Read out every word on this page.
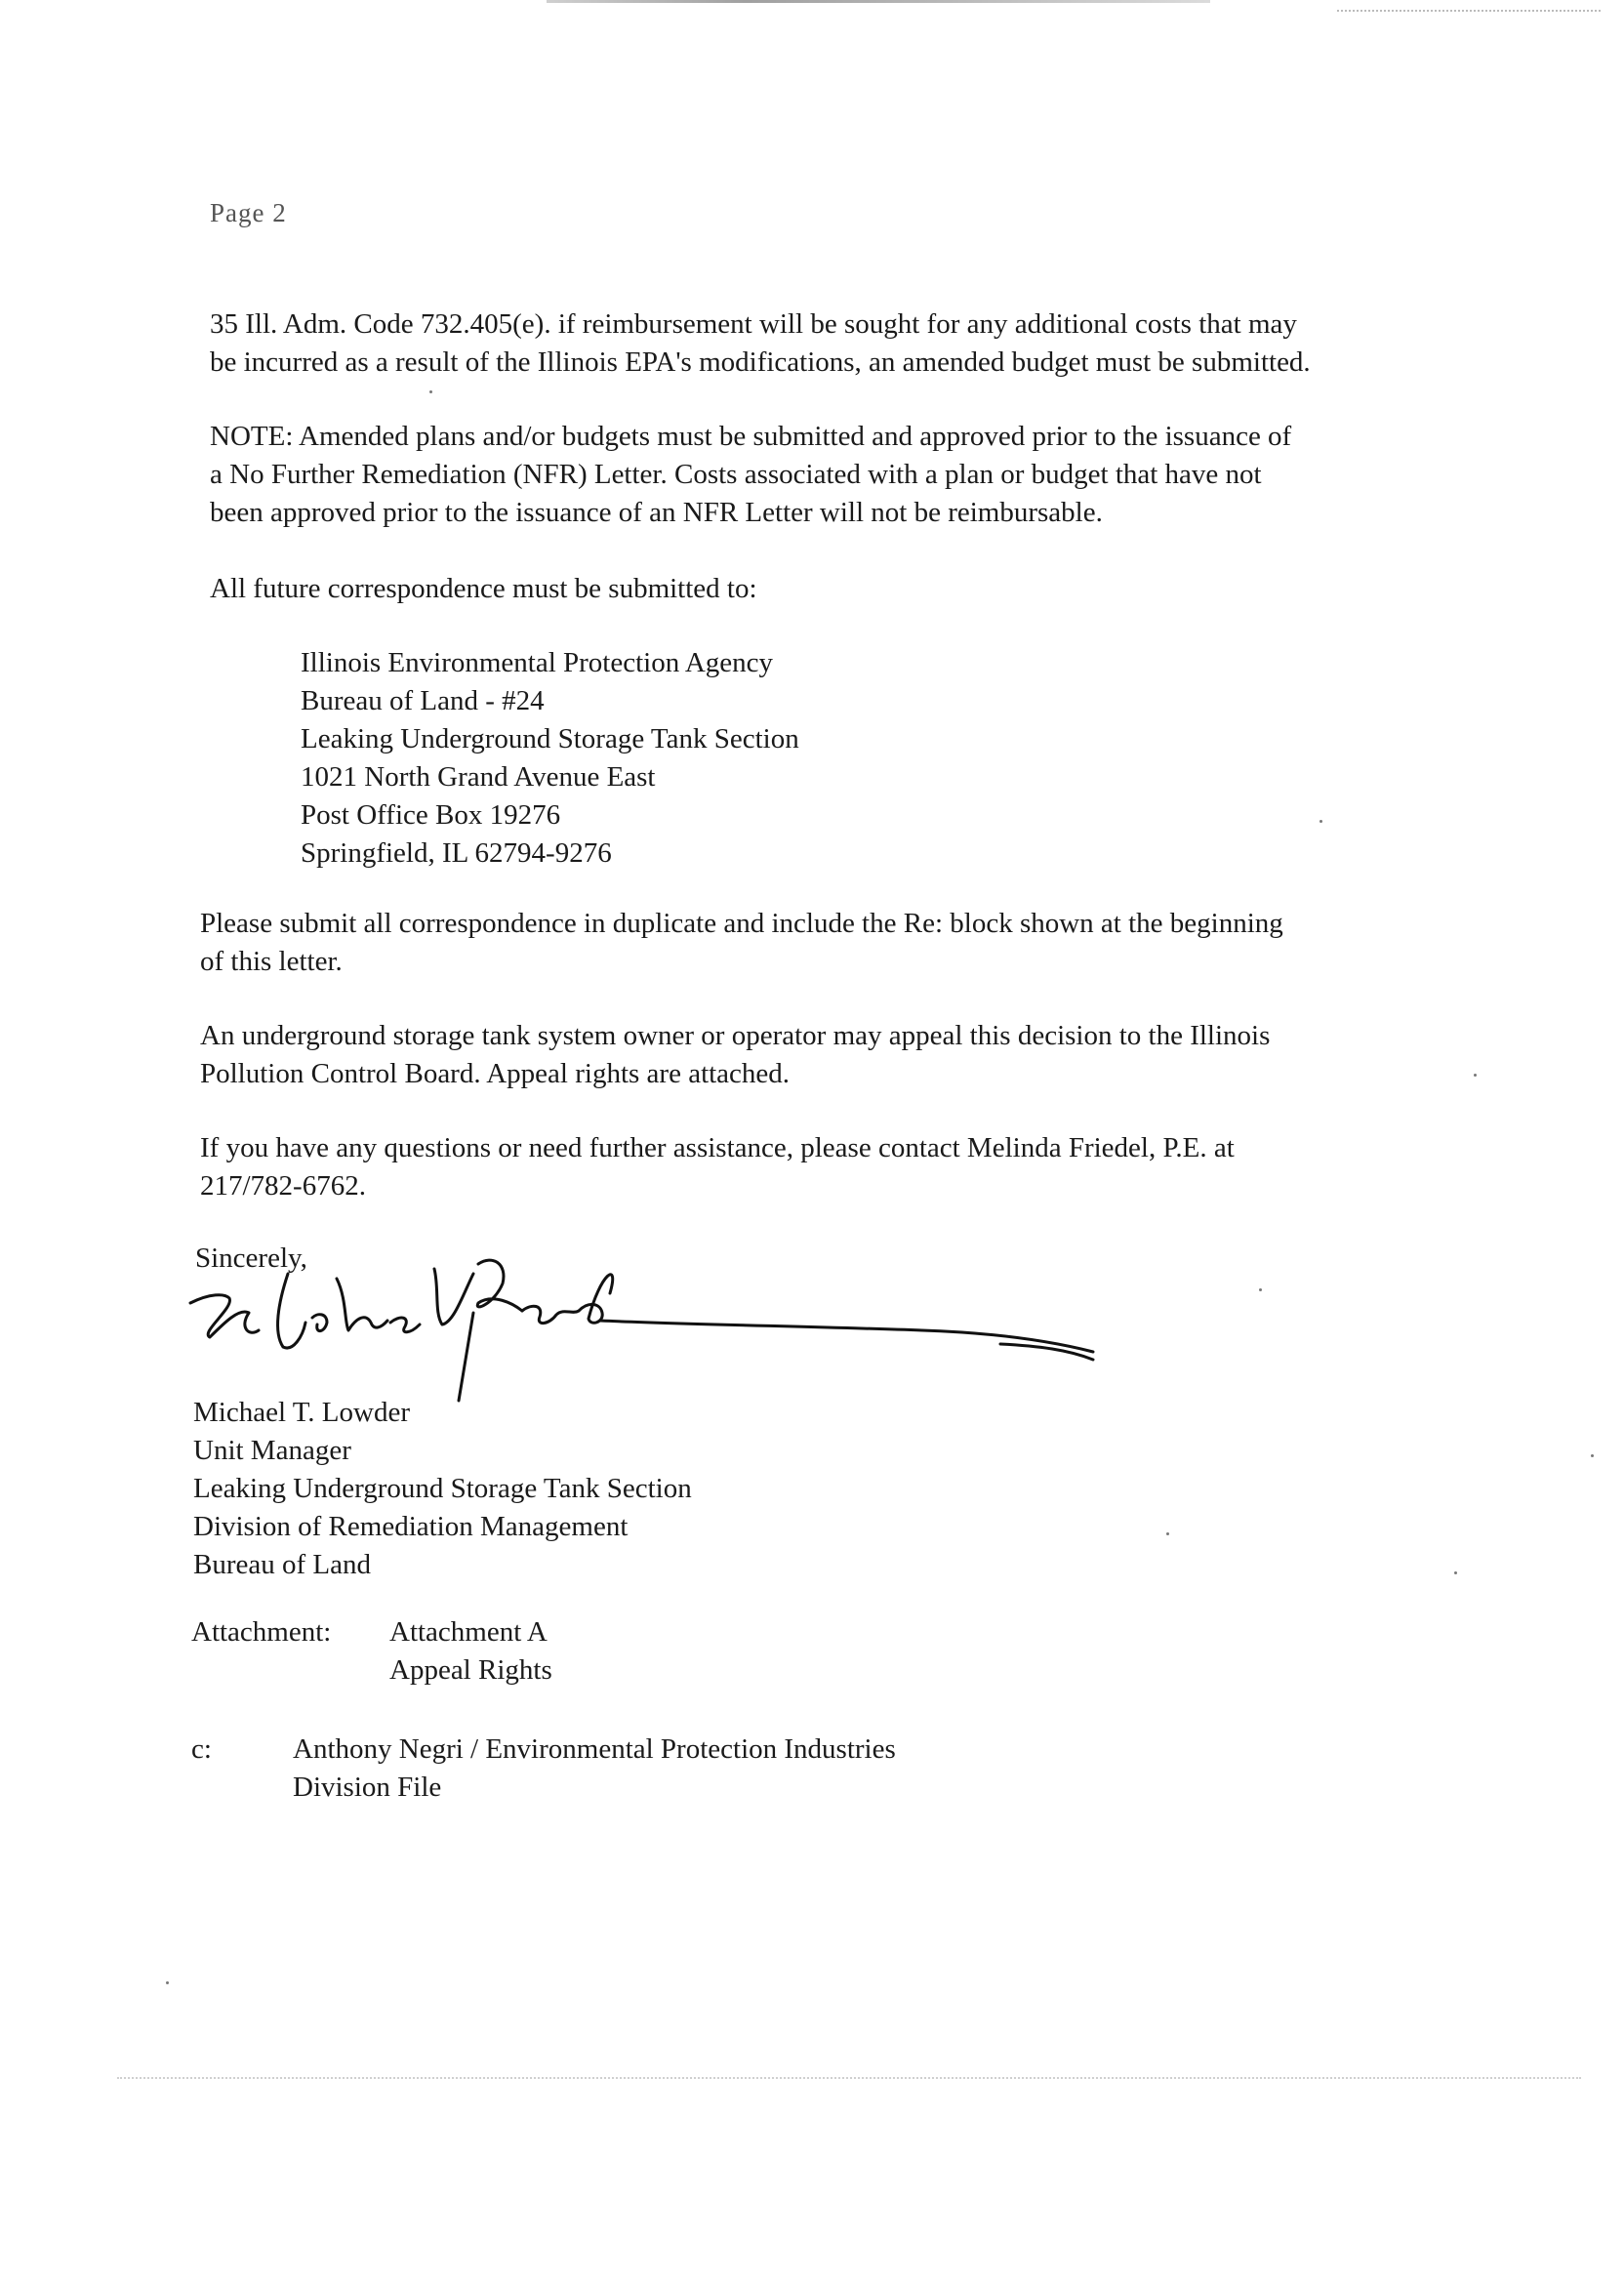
Page 2
35 Ill. Adm. Code 732.405(e). if reimbursement will be sought for any additional costs that may
be incurred as a result of the Illinois EPA's modifications, an amended budget must be submitted.
NOTE: Amended plans and/or budgets must be submitted and approved prior to the issuance of
a No Further Remediation (NFR) Letter. Costs associated with a plan or budget that have not
been approved prior to the issuance of an NFR Letter will not be reimbursable.
All future correspondence must be submitted to:
Illinois Environmental Protection Agency
Bureau of Land - #24
Leaking Underground Storage Tank Section
1021 North Grand Avenue East
Post Office Box 19276
Springfield, IL 62794-9276
Please submit all correspondence in duplicate and include the Re: block shown at the beginning
of this letter.
An underground storage tank system owner or operator may appeal this decision to the Illinois
Pollution Control Board. Appeal rights are attached.
If you have any questions or need further assistance, please contact Melinda Friedel, P.E. at
217/782-6762.
Sincerely,
Michael T. Lowder
Unit Manager
Leaking Underground Storage Tank Section
Division of Remediation Management
Bureau of Land
Attachment: Attachment A
Appeal Rights
c:	Anthony Negri / Environmental Protection Industries
Division File
